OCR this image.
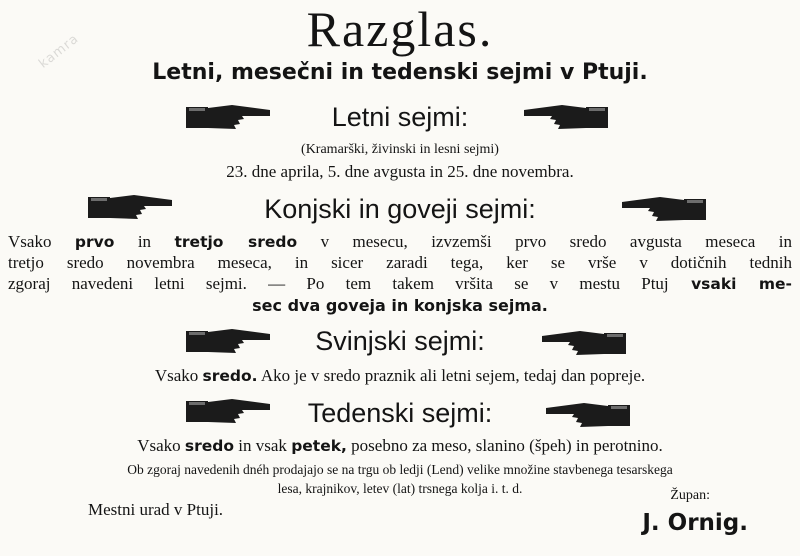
kamra	Razglas.
Letni, mesečni in tedenski sejmi v Ptuji.
Letni sejmi:
(Kramarški, živinski in lesni sejmi)
23. dne aprila, 5. dne avgusta in 25. dne novembra.
Konjski in goveji sejmi:
Vsako prvo in tretjo sredo v mesecu, izvzemši prvo sredo avgusta meseca in
tretjo sredo novembra meseca, in sicer zaradi tega, ker se vrše v dotičnih tednih
zgoraj navedeni letni sejmi. — Po tem takem vršita se v mestu Ptuj vsaki me-
sec dva goveja in konjska sejma.
Svinjski sejmi:
Vsako sredo. Ako je v sredo praznik ali letni sejem, tedaj dan popreje.
Tedenski sejmi:
Vsako sredo in vsak petek, posebno za meso, slanino (špeh) in perotnino.
Ob zgoraj navedenih dnéh prodajajo se na trgu ob ledji (Lend) velike množine stavbenega tesarskega
lesa, krajnikov, letev (lat) trsnega kolja i. t. d.
Mestni urad v Ptuji.
Župan:
J. Ornig.
